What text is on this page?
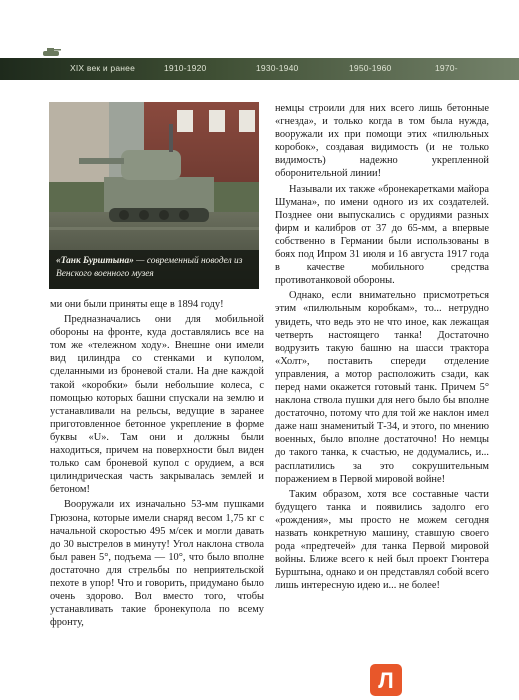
XIX век и ранее	1910-1920	1930-1940	1950-1960	1970-
«Танк Бурштына» — современный новодел из Венского военного музея

ми они были приняты еще в 1894 году!

Предназначались они для мобильной обороны на фронте, куда доставлялись все на том же «тележном ходу». Внешне они имели вид цилиндра со стенками и куполом, сделанными из броневой стали. На дне каждой такой «коробки» были небольшие колеса, с помощью которых башни спускали на землю и устанавливали на рельсы, ведущие в заранее приготовленное бетонное укрепление в форме буквы «U». Там они и должны были находиться, причем на поверхности был виден только сам броневой купол с орудием, а вся цилиндрическая часть закрывалась землей и бетоном!

Вооружали их изначально 53-мм пушками Грюзона, которые имели снаряд весом 1,75 кг с начальной скоростью 495 м/сек и могли давать до 30 выстрелов в минуту! Угол наклона ствола был равен 5°, подъема — 10°, что было вполне достаточно для стрельбы по неприятельской пехоте в упор! Что и говорить, придумано было очень здорово. Вол вместо того, чтобы устанавливать такие бронекупола по всему фронту,

немцы строили для них всего лишь бетонные «гнезда», и только когда в том была нужда, вооружали их при помощи этих «пилюльных коробок», создавая видимость (и не только видимость) надежно укрепленной оборонительной линии!

Называли их также «бронекаретками майора Шумана», по имени одного из их создателей. Позднее они выпускались с орудиями разных фирм и калибров от 37 до 65-мм, а впервые собственно в Германии были использованы в боях под Ипром 31 июля и 16 августа 1917 года в качестве мобильного средства противотанковой обороны.

Однако, если внимательно присмотреться этим «пилюльным коробкам», то... нетрудно увидеть, что ведь это не что иное, как лежащая четверть настоящего танка! Достаточно водрузить такую башню на шасси трактора «Холт», поставить спереди отделение управления, а мотор расположить сзади, как перед нами окажется готовый танк. Причем 5° наклона ствола пушки для него было бы вполне достаточно, потому что для той же наклон имел даже наш знаменитый Т-34, и этого, по мнению военных, было вполне достаточно! Но немцы до такого танка, к счастью, не додумались, и... расплатились за это сокрушительным поражением в Первой мировой войне!

Таким образом, хотя все составные части будущего танка и появились задолго его «рождения», мы просто не можем сегодня назвать конкретную машину, ставшую своего рода «предтечей» для танка Первой мировой войны. Ближе всего к ней был проект Гюнтера Бурштына, однако и он представлял собой всего лишь интересную идею и... не более!

Л
